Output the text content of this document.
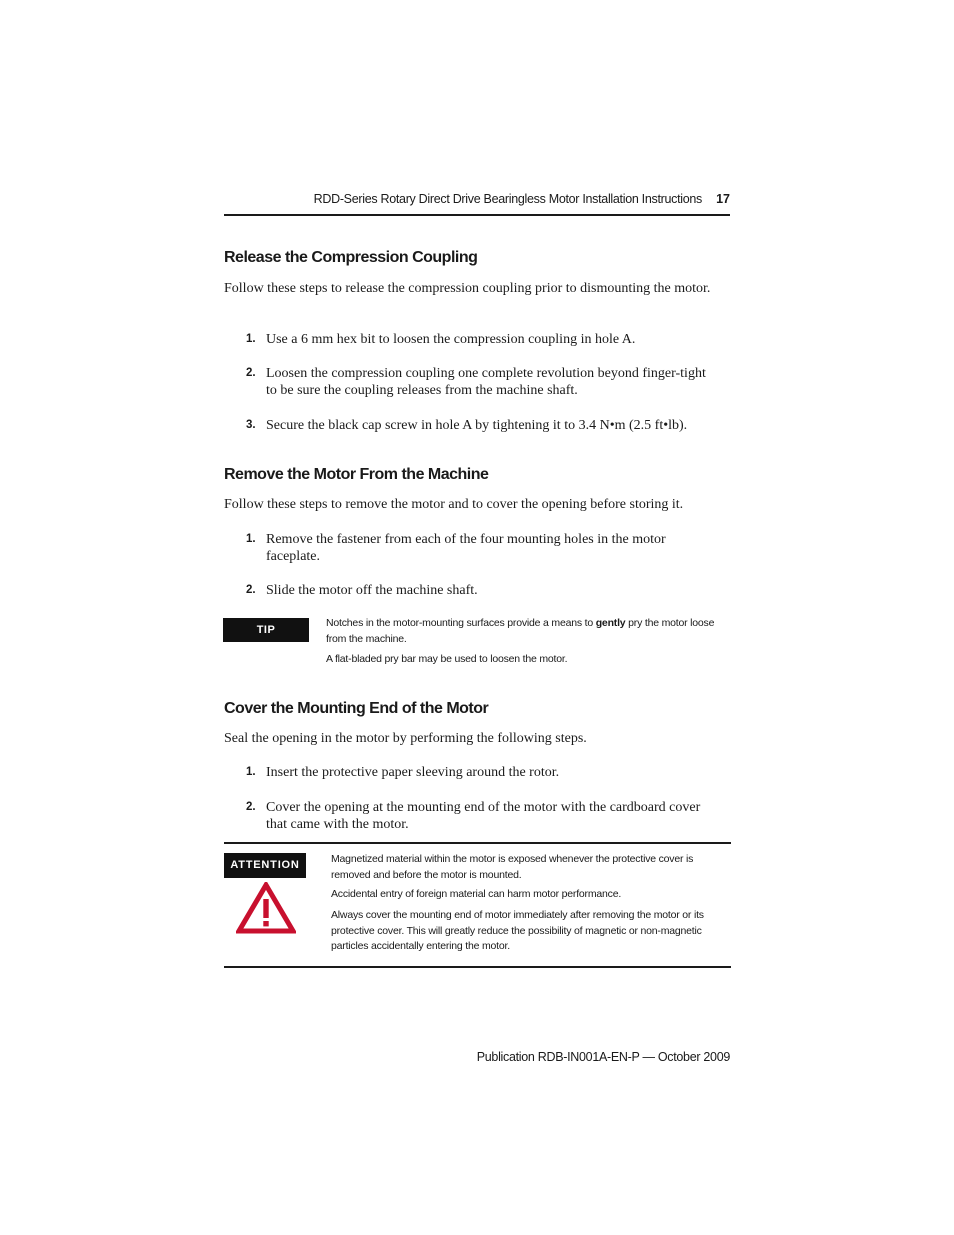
RDD-Series Rotary Direct Drive Bearingless Motor Installation Instructions	17
Release the Compression Coupling

Follow these steps to release the compression coupling prior to dismounting the motor.

1. Use a 6 mm hex bit to loosen the compression coupling in hole A.
2. Loosen the compression coupling one complete revolution beyond finger-tight to be sure the coupling releases from the machine shaft.
3. Secure the black cap screw in hole A by tightening it to 3.4 N•m (2.5 ft•lb).
Remove the Motor From the Machine

Follow these steps to remove the motor and to cover the opening before storing it.

1. Remove the fastener from each of the four mounting holes in the motor faceplate.
2. Slide the motor off the machine shaft.
TIP

Notches in the motor-mounting surfaces provide a means to gently pry the motor loose from the machine.

A flat-bladed pry bar may be used to loosen the motor.

Cover the Mounting End of the Motor

Seal the opening in the motor by performing the following steps.

1. Insert the protective paper sleeving around the rotor.
2. Cover the opening at the mounting end of the motor with the cardboard cover that came with the motor.
ATTENTION	Magnetized material within the motor is exposed whenever the protective cover is removed and before the motor is mounted.

Accidental entry of foreign material can harm motor performance.

Always cover the mounting end of motor immediately after removing the motor or its protective cover. This will greatly reduce the possibility of magnetic or non-magnetic particles accidentally entering the motor.

Publication RDB-IN001A-EN-P — October 2009
